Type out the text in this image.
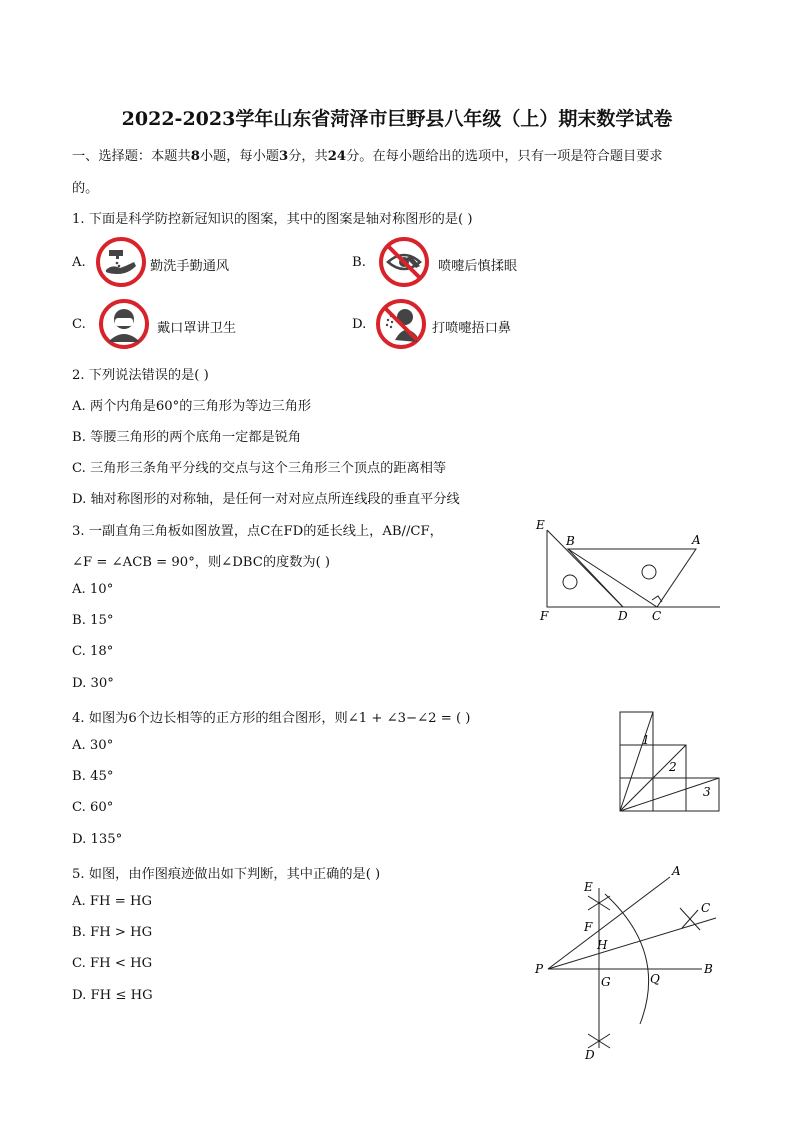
2022-2023学年山东省菏泽市巨野县八年级（上）期末数学试卷
一、选择题：本题共8小题，每小题3分，共24分。在每小题给出的选项中，只有一项是符合题目要求
的。
1. 下面是科学防控新冠知识的图案，其中的图案是轴对称图形的是( )
A.	勤洗手勤通风	B.	喷嚏后慎揉眼
C.	戴口罩讲卫生	D.	打喷嚏捂口鼻
2. 下列说法错误的是( )
A. 两个内角是60°的三角形为等边三角形
B. 等腰三角形的两个底角一定都是锐角
C. 三角形三条角平分线的交点与这个三角形三个顶点的距离相等
D. 轴对称图形的对称轴，是任何一对对应点所连线段的垂直平分线
3. 一副直角三角板如图放置，点C在FD的延长线上，AB//CF，
∠F = ∠ACB = 90°，则∠DBC的度数为( )
A. 10°
B. 15°
C. 18°
D. 30°
E
B	A
F	D C
4. 如图为6个边长相等的正方形的组合图形，则∠1 + ∠3−∠2 = ( )
A. 30°
B. 45°
C. 60°
D. 135°
1
2
3
5. 如图，由作图痕迹做出如下判断，其中正确的是( )
A. FH = HG
B. FH > HG
C. FH < HG
D. FH ≤ HG
A
E
C
F
H
P
G	Q
B
D
